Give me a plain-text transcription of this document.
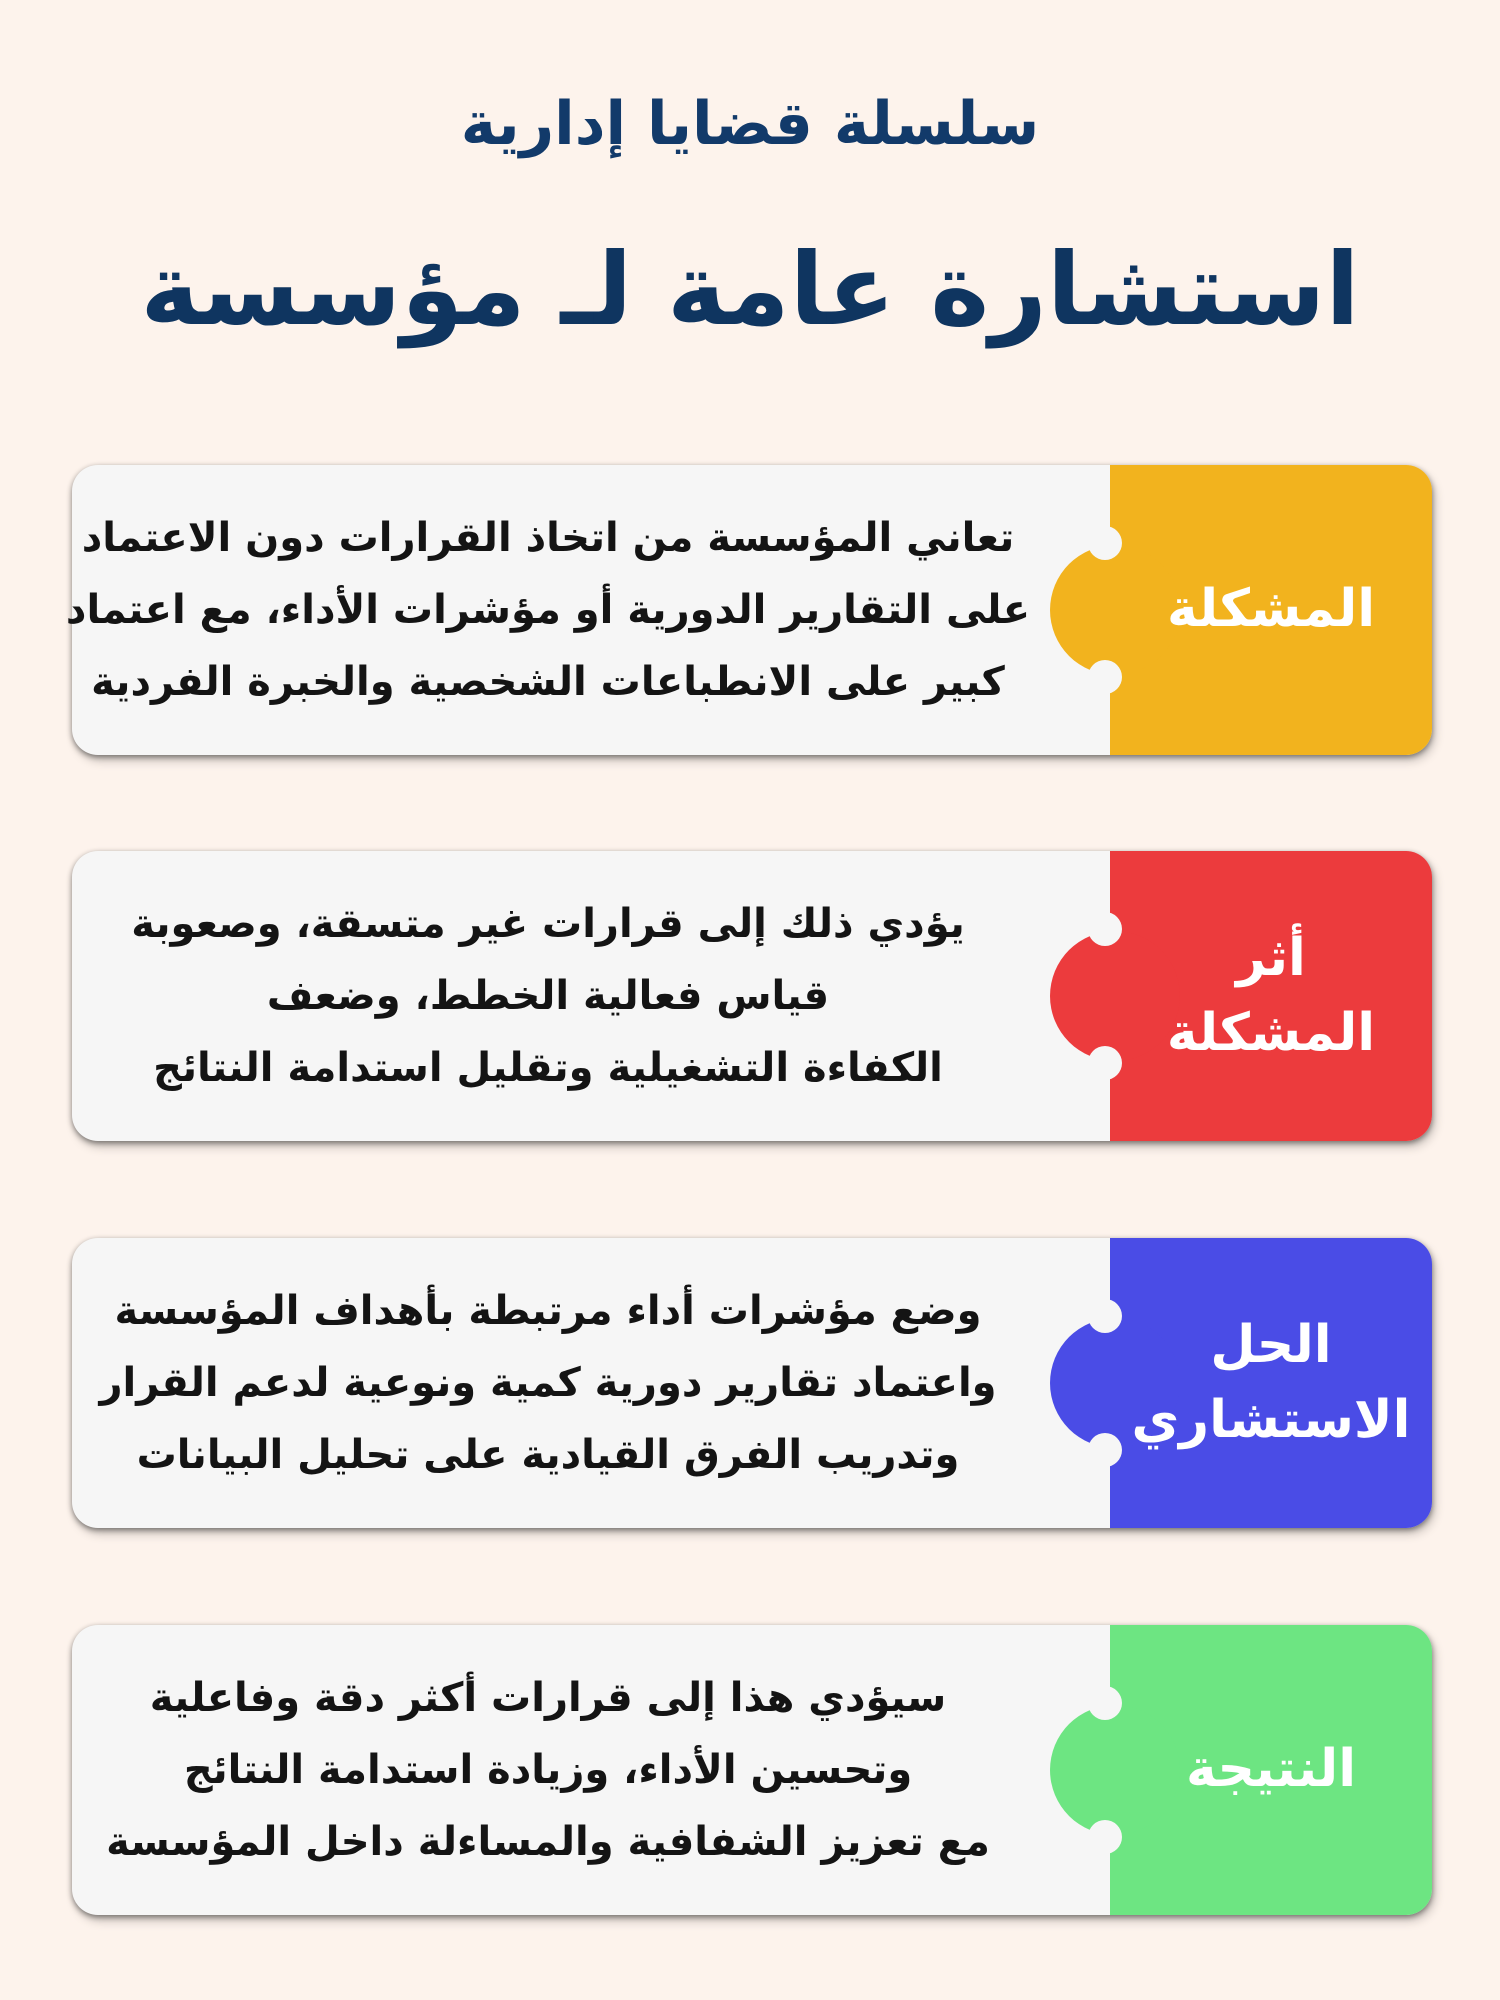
سلسلة قضايا إدارية
استشارة عامة لـ مؤسسة
المشكلة
تعاني المؤسسة من اتخاذ القرارات دون الاعتماد
على التقارير الدورية أو مؤشرات الأداء، مع اعتماد
كبير على الانطباعات الشخصية والخبرة الفردية
أثر المشكلة
يؤدي ذلك إلى قرارات غير متسقة، وصعوبة
قياس فعالية الخطط، وضعف
الكفاءة التشغيلية وتقليل استدامة النتائج
الحل الاستشاري
وضع مؤشرات أداء مرتبطة بأهداف المؤسسة
واعتماد تقارير دورية كمية ونوعية لدعم القرار
وتدريب الفرق القيادية على تحليل البيانات
النتيجة
سيؤدي هذا إلى قرارات أكثر دقة وفاعلية
وتحسين الأداء، وزيادة استدامة النتائج
مع تعزيز الشفافية والمساءلة داخل المؤسسة
